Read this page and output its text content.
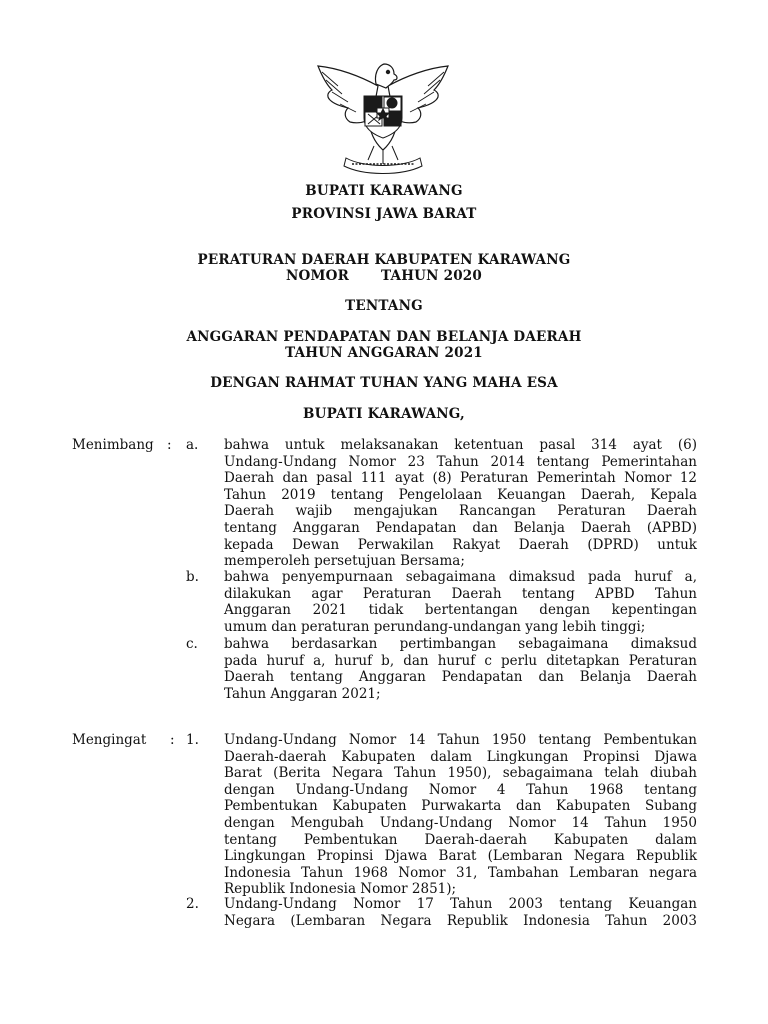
BUPATI KARAWANG
PROVINSI JAWA BARAT
PERATURAN DAERAH KABUPATEN KARAWANG
NOMOR TAHUN 2020
TENTANG
ANGGARAN PENDAPATAN DAN BELANJA DAERAH
TAHUN ANGGARAN 2021
DENGAN RAHMAT TUHAN YANG MAHA ESA
BUPATI KARAWANG,
Menimbang : a. bahwa untuk melaksanakan ketentuan pasal 314 ayat (6)
Undang-Undang Nomor 23 Tahun 2014 tentang Pemerintahan
Daerah dan pasal 111 ayat (8) Peraturan Pemerintah Nomor 12
Tahun 2019 tentang Pengelolaan Keuangan Daerah, Kepala
Daerah wajib mengajukan Rancangan Peraturan Daerah
tentang Anggaran Pendapatan dan Belanja Daerah (APBD)
kepada Dewan Perwakilan Rakyat Daerah (DPRD) untuk
memperoleh persetujuan Bersama;
b. bahwa penyempurnaan sebagaimana dimaksud pada huruf a,
dilakukan agar Peraturan Daerah tentang APBD Tahun
Anggaran 2021 tidak bertentangan dengan kepentingan
umum dan peraturan perundang-undangan yang lebih tinggi;
c. bahwa berdasarkan pertimbangan sebagaimana dimaksud
pada huruf a, huruf b, dan huruf c perlu ditetapkan Peraturan
Daerah tentang Anggaran Pendapatan dan Belanja Daerah
Tahun Anggaran 2021;
Mengingat : 1. Undang-Undang Nomor 14 Tahun 1950 tentang Pembentukan
Daerah-daerah Kabupaten dalam Lingkungan Propinsi Djawa
Barat (Berita Negara Tahun 1950), sebagaimana telah diubah
dengan Undang-Undang Nomor 4 Tahun 1968 tentang
Pembentukan Kabupaten Purwakarta dan Kabupaten Subang
dengan Mengubah Undang-Undang Nomor 14 Tahun 1950
tentang Pembentukan Daerah-daerah Kabupaten dalam
Lingkungan Propinsi Djawa Barat (Lembaran Negara Republik
Indonesia Tahun 1968 Nomor 31, Tambahan Lembaran negara
Republik Indonesia Nomor 2851);
2. Undang-Undang Nomor 17 Tahun 2003 tentang Keuangan
Negara (Lembaran Negara Republik Indonesia Tahun 2003
